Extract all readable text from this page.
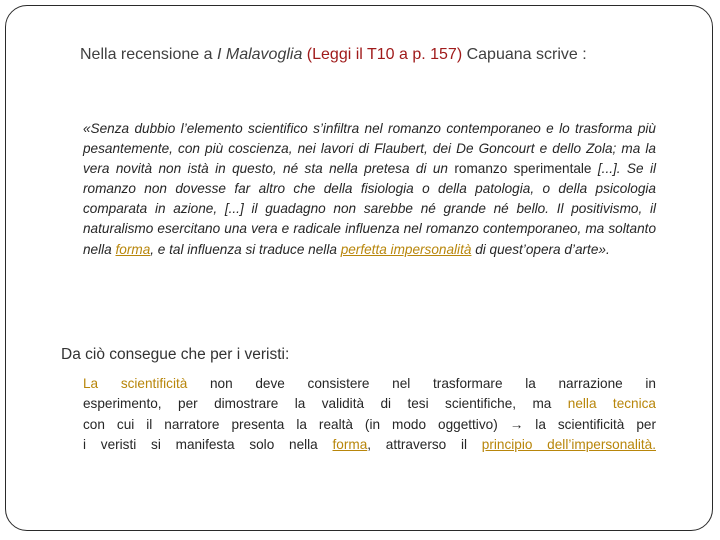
Nella recensione a I Malavoglia (Leggi il T10 a p. 157) Capuana scrive :

«Senza dubbio l’elemento scientifico s’infiltra nel romanzo contemporaneo e lo trasforma più pesantemente, con più coscienza, nei lavori di Flaubert, dei De Goncourt e dello Zola; ma la vera novità non istà in questo, né sta nella pretesa di un romanzo sperimentale [...]. Se il romanzo non dovesse far altro che della fisiologia o della patologia, o della psicologia comparata in azione, [...] il guadagno non sarebbe né grande né bello. Il positivismo, il naturalismo esercitano una vera e radicale influenza nel romanzo contemporaneo, ma soltanto nella forma, e tal influenza si traduce nella perfetta impersonalità di quest’opera d’arte».

Da ciò consegue che per i veristi:
La scientificità non deve consistere nel trasformare la narrazione in
esperimento, per dimostrare la validità di tesi scientifiche, ma nella tecnica
con cui il narratore presenta la realtà (in modo oggettivo) → la scientificità per
i veristi si manifesta solo nella forma, attraverso il principio dell’impersonalità.
